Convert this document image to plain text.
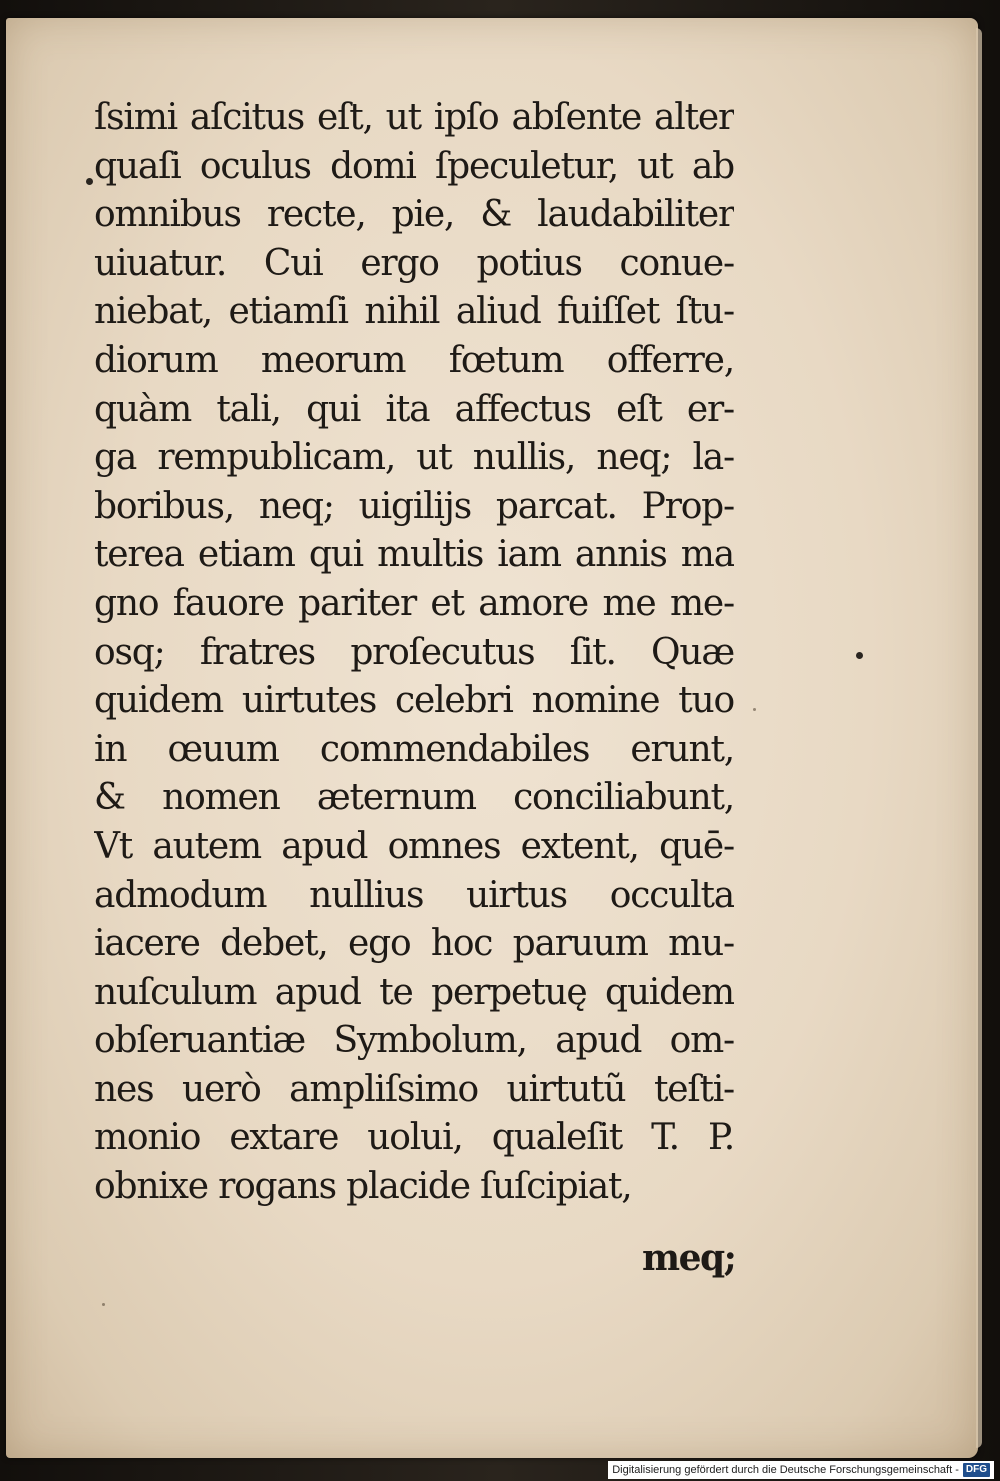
ſsimi aſcitus eſt, ut ipſo abſente alter
quaſi oculus domi ſpeculetur, ut ab
omnibus recte, pie, & laudabiliter
uiuatur. Cui ergo potius conue-
niebat, etiamſi nihil aliud fuiſſet ſtu-
diorum meorum fœtum offerre,
quàm tali, qui ita affectus eſt er-
ga rempublicam, ut nullis, neq; la-
boribus, neq; uigilijs parcat. Prop-
terea etiam qui multis iam annis ma
gno fauore pariter et amore me me-
osq; fratres proſecutus ſit. Quæ
quidem uirtutes celebri nomine tuo
in œuum commendabiles erunt,
& nomen æternum conciliabunt,
Vt autem apud omnes extent, quē-
admodum nullius uirtus occulta
iacere debet, ego hoc paruum mu-
nuſculum apud te perpetuę quidem
obſeruantiæ Symbolum, apud om-
nes uerò ampliſsimo uirtutũ teſti-
monio extare uolui, qualeſit T. P.
obnixe rogans placide ſuſcipiat,
meq;
Digitalisierung gefördert durch die Deutsche Forschungsgemeinschaft - DFG
